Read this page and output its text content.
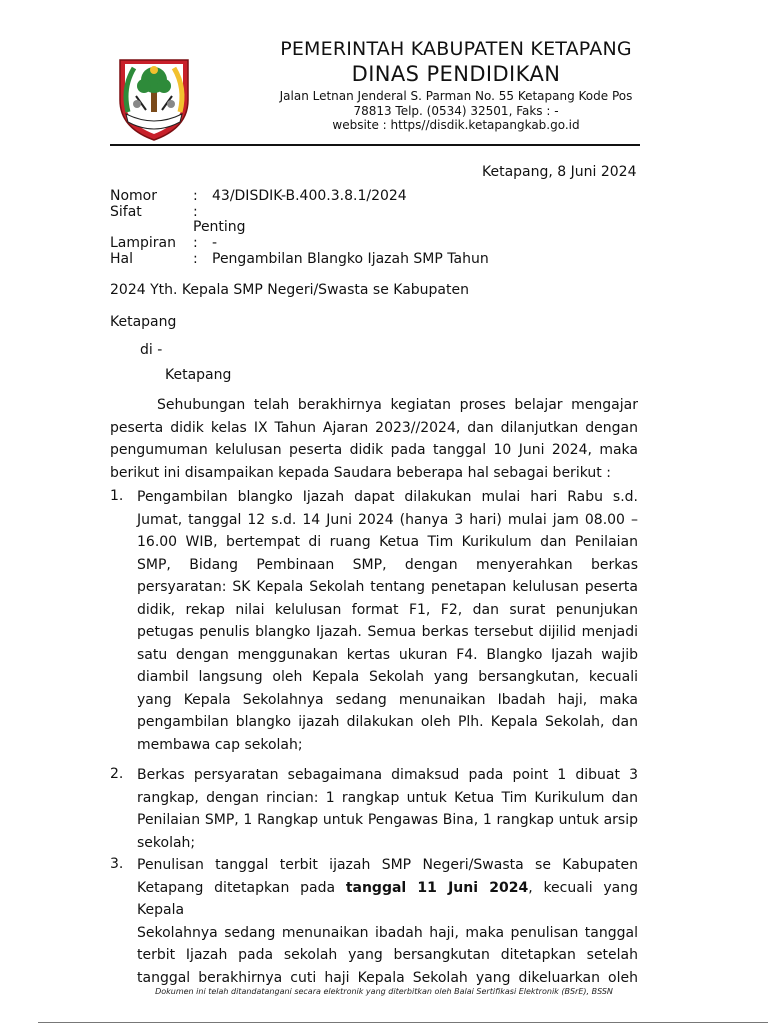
PEMERINTAH KABUPATEN KETAPANG
DINAS PENDIDIKAN
Jalan Letnan Jenderal S. Parman No. 55 Ketapang Kode Pos
78813 Telp. (0534) 32501, Faks : -
website : https//disdik.ketapangkab.go.id
Ketapang, 8 Juni 2024
Nomor	: 43/DISDIK-B.400.3.8.1/2024
Sifat	:
Penting
Lampiran : -
Hal	: Pengambilan Blangko Ijazah SMP Tahun
2024 Yth. Kepala SMP Negeri/Swasta se Kabupaten
Ketapang
di -
Ketapang
Sehubungan telah berakhirnya kegiatan proses belajar mengajar
peserta didik kelas IX Tahun Ajaran 2023//2024, dan dilanjutkan dengan
pengumuman kelulusan peserta didik pada tanggal 10 Juni 2024, maka
berikut ini disampaikan kepada Saudara beberapa hal sebagai berikut :
1. Pengambilan blangko Ijazah dapat dilakukan mulai hari Rabu s.d.
Jumat, tanggal 12 s.d. 14 Juni 2024 (hanya 3 hari) mulai jam 08.00 –
16.00 WIB, bertempat di ruang Ketua Tim Kurikulum dan Penilaian
SMP, Bidang Pembinaan SMP, dengan menyerahkan berkas
persyaratan: SK Kepala Sekolah tentang penetapan kelulusan peserta
didik, rekap nilai kelulusan format F1, F2, dan surat penunjukan
petugas penulis blangko Ijazah. Semua berkas tersebut dijilid menjadi
satu dengan menggunakan kertas ukuran F4. Blangko Ijazah wajib
diambil langsung oleh Kepala Sekolah yang bersangkutan, kecuali
yang Kepala Sekolahnya sedang menunaikan Ibadah haji, maka
pengambilan blangko ijazah dilakukan oleh Plh. Kepala Sekolah, dan
membawa cap sekolah;
2. Berkas persyaratan sebagaimana dimaksud pada point 1 dibuat 3
rangkap, dengan rincian: 1 rangkap untuk Ketua Tim Kurikulum dan
Penilaian SMP, 1 Rangkap untuk Pengawas Bina, 1 rangkap untuk arsip
sekolah;
3. Penulisan tanggal terbit ijazah SMP Negeri/Swasta se Kabupaten
Ketapang ditetapkan pada tanggal 11 Juni 2024, kecuali yang Kepala
Sekolahnya sedang menunaikan ibadah haji, maka penulisan tanggal
terbit Ijazah pada sekolah yang bersangkutan ditetapkan setelah
tanggal berakhirnya cuti haji Kepala Sekolah yang dikeluarkan oleh
Dokumen ini telah ditandatangani secara elektronik yang diterbitkan oleh Balai Sertifikasi Elektronik (BSrE), BSSN
